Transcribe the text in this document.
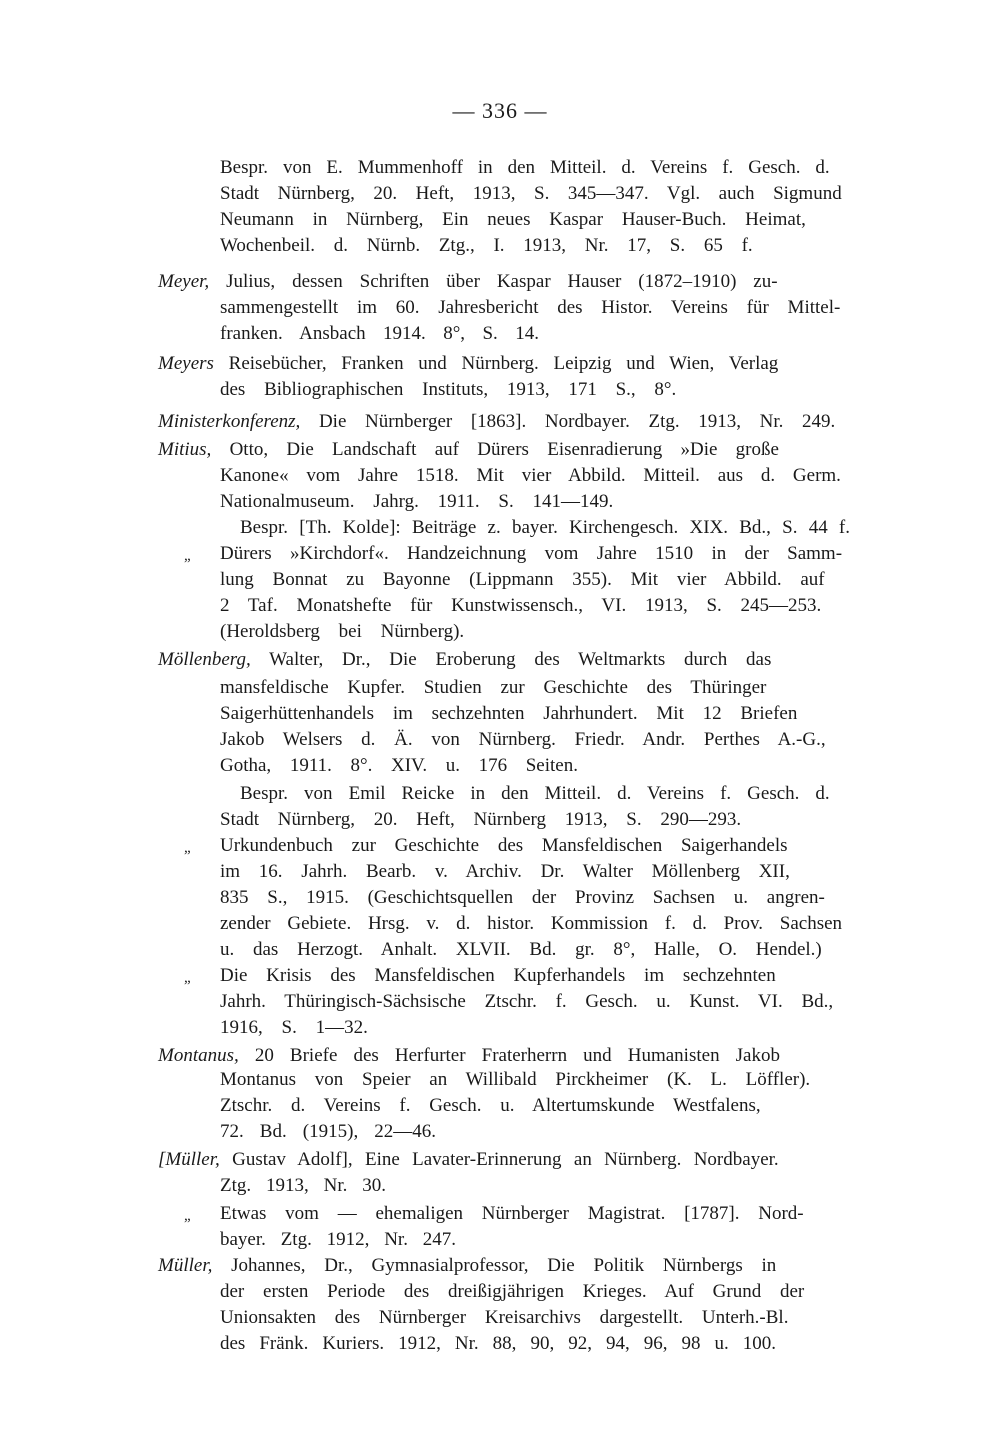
— 336 —
Bespr. von E. Mummenhoff in den Mitteil. d. Vereins f. Gesch. d.
Stadt Nürnberg, 20. Heft, 1913, S. 345—347. Vgl. auch Sigmund
Neumann in Nürnberg, Ein neues Kaspar Hauser-Buch. Heimat,
Wochenbeil. d. Nürnb. Ztg., I. 1913, Nr. 17, S. 65 f.
Meyer, Julius, dessen Schriften über Kaspar Hauser (1872–1910) zu-
sammengestellt im 60. Jahresbericht des Histor. Vereins für Mittel-
franken. Ansbach 1914. 8°, S. 14.
Meyers Reisebücher, Franken und Nürnberg. Leipzig und Wien, Verlag
des Bibliographischen Instituts, 1913, 171 S., 8°.
Ministerkonferenz, Die Nürnberger [1863]. Nordbayer. Ztg. 1913, Nr. 249.
Mitius, Otto, Die Landschaft auf Dürers Eisenradierung »Die große
Kanone« vom Jahre 1518. Mit vier Abbild. Mitteil. aus d. Germ.
Nationalmuseum. Jahrg. 1911. S. 141—149.
Bespr. [Th. Kolde]: Beiträge z. bayer. Kirchengesch. XIX. Bd., S. 44 f.
Dürers »Kirchdorf«. Handzeichnung vom Jahre 1510 in der Samm-
„
lung Bonnat zu Bayonne (Lippmann 355). Mit vier Abbild. auf
2 Taf. Monatshefte für Kunstwissensch., VI. 1913, S. 245—253.
(Heroldsberg bei Nürnberg).
Möllenberg, Walter, Dr., Die Eroberung des Weltmarkts durch das
mansfeldische Kupfer. Studien zur Geschichte des Thüringer
Saigerhüttenhandels im sechzehnten Jahrhundert. Mit 12 Briefen
Jakob Welsers d. Ä. von Nürnberg. Friedr. Andr. Perthes A.-G.,
Gotha, 1911. 8°. XIV. u. 176 Seiten.
Bespr. von Emil Reicke in den Mitteil. d. Vereins f. Gesch. d.
Stadt Nürnberg, 20. Heft, Nürnberg 1913, S. 290—293.
Urkundenbuch zur Geschichte des Mansfeldischen Saigerhandels
„
im 16. Jahrh. Bearb. v. Archiv. Dr. Walter Möllenberg XII,
835 S., 1915. (Geschichtsquellen der Provinz Sachsen u. angren-
zender Gebiete. Hrsg. v. d. histor. Kommission f. d. Prov. Sachsen
u. das Herzogt. Anhalt. XLVII. Bd. gr. 8°, Halle, O. Hendel.)
Die Krisis des Mansfeldischen Kupferhandels im sechzehnten
„
Jahrh. Thüringisch-Sächsische Ztschr. f. Gesch. u. Kunst. VI. Bd.,
1916, S. 1—32.
Montanus, 20 Briefe des Herfurter Fraterherrn und Humanisten Jakob
Montanus von Speier an Willibald Pirckheimer (K. L. Löffler).
Ztschr. d. Vereins f. Gesch. u. Altertumskunde Westfalens,
72. Bd. (1915), 22—46.
[Müller, Gustav Adolf], Eine Lavater-Erinnerung an Nürnberg. Nordbayer.
Ztg. 1913, Nr. 30.
Etwas vom — ehemaligen Nürnberger Magistrat. [1787]. Nord-
„
bayer. Ztg. 1912, Nr. 247.
Müller, Johannes, Dr., Gymnasialprofessor, Die Politik Nürnbergs in
der ersten Periode des dreißigjährigen Krieges. Auf Grund der
Unionsakten des Nürnberger Kreisarchivs dargestellt. Unterh.-Bl.
des Fränk. Kuriers. 1912, Nr. 88, 90, 92, 94, 96, 98 u. 100.
